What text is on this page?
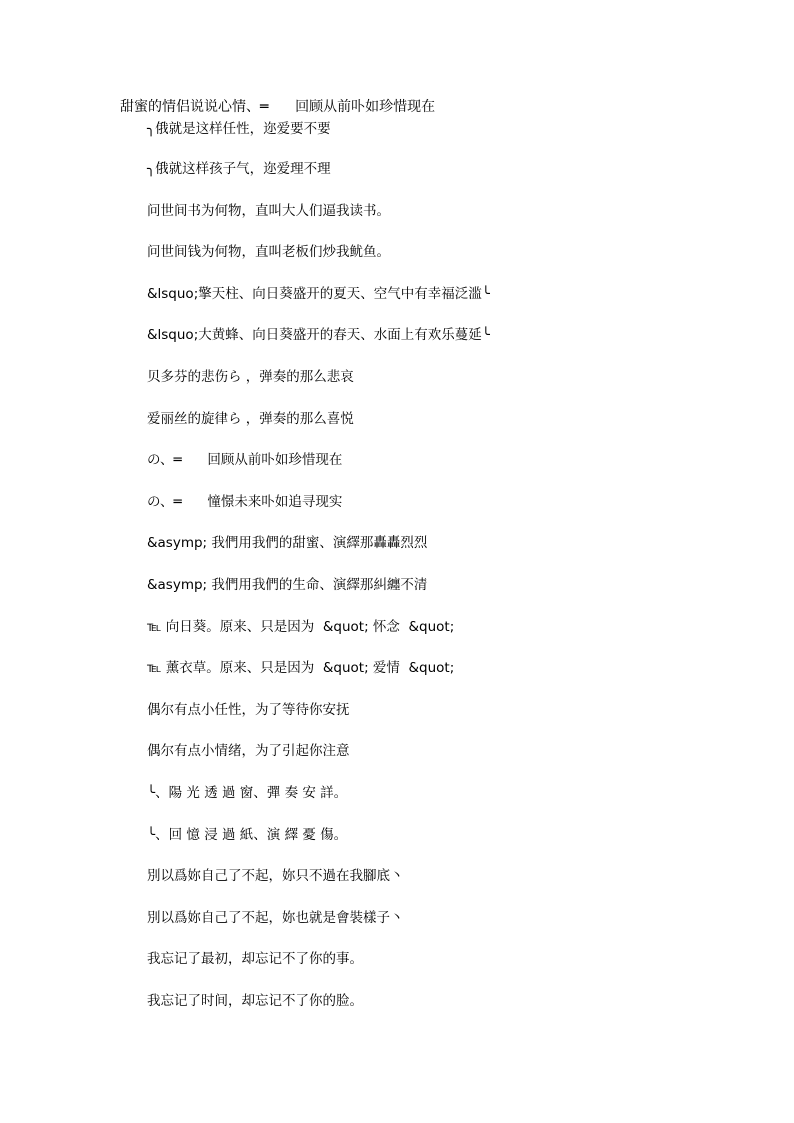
甜蜜的情侣说说心情、═      回顾从前卟如珍惜现在
╮俄就是这样任性，迩爱要不要
╮俄就这样孩子气，迩爱理不理
问世间书为何物，直叫大人们逼我读书。
问世间钱为何物，直叫老板们炒我鱿鱼。
&lsquo;擎天柱、向日葵盛开的夏天、空气中有幸福泛滥╰
&lsquo;大黄蜂、向日葵盛开的春天、水面上有欢乐蔓延╰
贝多芬的悲伤ら ，弹奏的那么悲哀
爱丽丝的旋律ら ，弹奏的那么喜悦
の、═      回顾从前卟如珍惜现在
の、═      憧憬未来卟如追寻现实
&asymp; 我們用我們的甜蜜、演繹那轟轟烈烈
&asymp; 我們用我們的生命、演繹那糾纏不清
℡ 向日葵。原来、只是因为  &quot; 怀念  &quot;
℡ 薰衣草。原来、只是因为  &quot; 爱情  &quot;
偶尔有点小任性，为了等待你安抚
偶尔有点小情绪，为了引起你注意
╰、陽 光 透 過 窗、彈 奏 安 詳。
╰、回 憶 浸 過 紙、演 繹 憂 傷。
別以爲妳自己了不起，妳只不過在我腳底丶
別以爲妳自己了不起，妳也就是會裝樣子丶
我忘记了最初，却忘记不了你的事。
我忘记了时间，却忘记不了你的脸。
